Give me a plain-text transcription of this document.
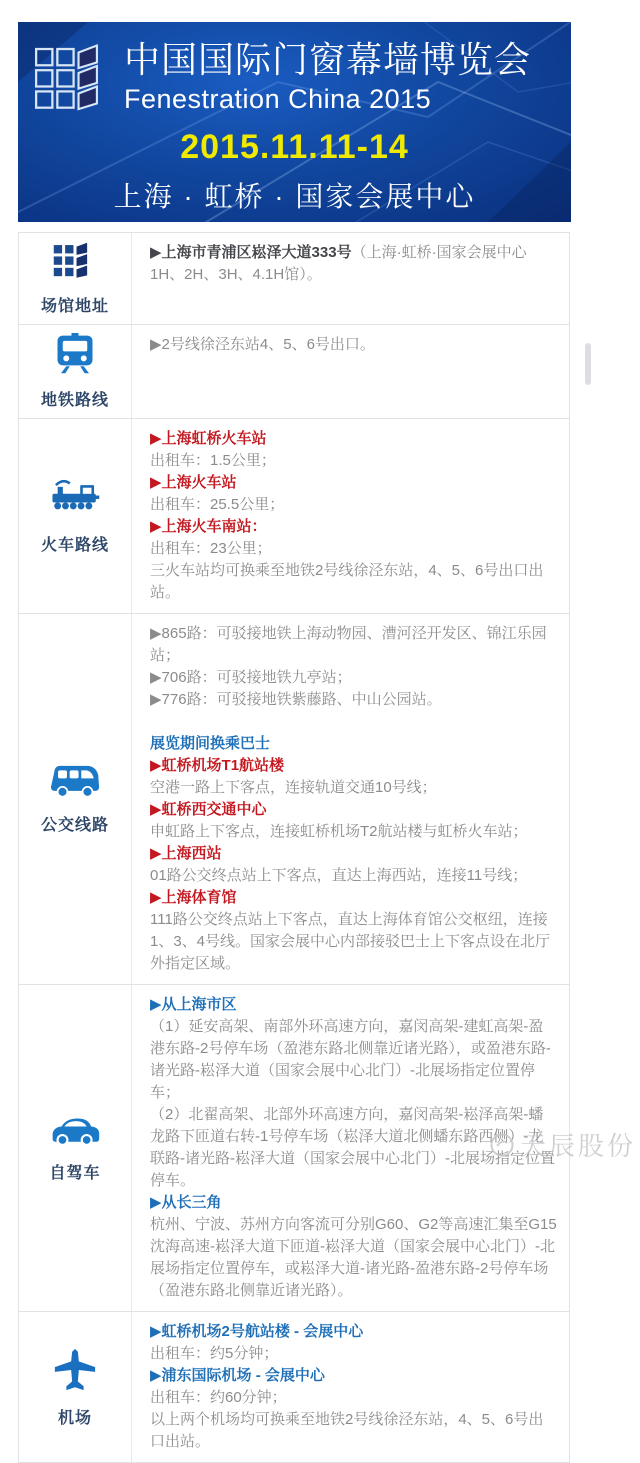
中国国际门窗幕墙博览会
Fenestration China 2015
2015.11.11-14
上海 · 虹桥 · 国家会展中心
场馆地址

▶上海市青浦区崧泽大道333号（上海·虹桥·国家会展中心 1H、2H、3H、4.1H馆）。

地铁路线

▶2号线徐泾东站4、5、6号出口。

火车路线

▶上海虹桥火车站

出租车：1.5公里；

▶上海火车站

出租车：25.5公里；

▶上海火车南站：

出租车：23公里；

三火车站均可换乘至地铁2号线徐泾东站，4、5、6号出口出站。

公交线路

▶865路：可驳接地铁上海动物园、漕河泾开发区、锦江乐园站；

▶706路：可驳接地铁九亭站；

▶776路：可驳接地铁紫藤路、中山公园站。

展览期间换乘巴士

▶虹桥机场T1航站楼

空港一路上下客点，连接轨道交通10号线；

▶虹桥西交通中心

申虹路上下客点，连接虹桥机场T2航站楼与虹桥火车站；

▶上海西站

01路公交终点站上下客点，直达上海西站，连接11号线；

▶上海体育馆

111路公交终点站上下客点，直达上海体育馆公交枢纽，连接1、3、4号线。国家会展中心内部接驳巴士上下客点设在北厅外指定区域。

自驾车

▶从上海市区

（1）延安高架、南部外环高速方向，嘉闵高架-建虹高架-盈港东路-2号停车场（盈港东路北侧靠近诸光路），或盈港东路-诸光路-崧泽大道（国家会展中心北门）-北展场指定位置停车；

（2）北翟高架、北部外环高速方向，嘉闵高架-崧泽高架-蟠龙路下匝道右转-1号停车场（崧泽大道北侧蟠东路西侧）-龙联路-诸光路-崧泽大道（国家会展中心北门）-北展场指定位置停车。

▶从长三角

杭州、宁波、苏州方向客流可分别G60、G2等高速汇集至G15沈海高速-崧泽大道下匝道-崧泽大道（国家会展中心北门）-北展场指定位置停车，或崧泽大道-诸光路-盈港东路-2号停车场（盈港东路北侧靠近诸光路）。

机场

▶虹桥机场2号航站楼 - 会展中心

出租车：约5分钟；

▶浦东国际机场 - 会展中心

出租车：约60分钟；

以上两个机场均可换乘至地铁2号线徐泾东站，4、5、6号出口出站。

天辰股份
